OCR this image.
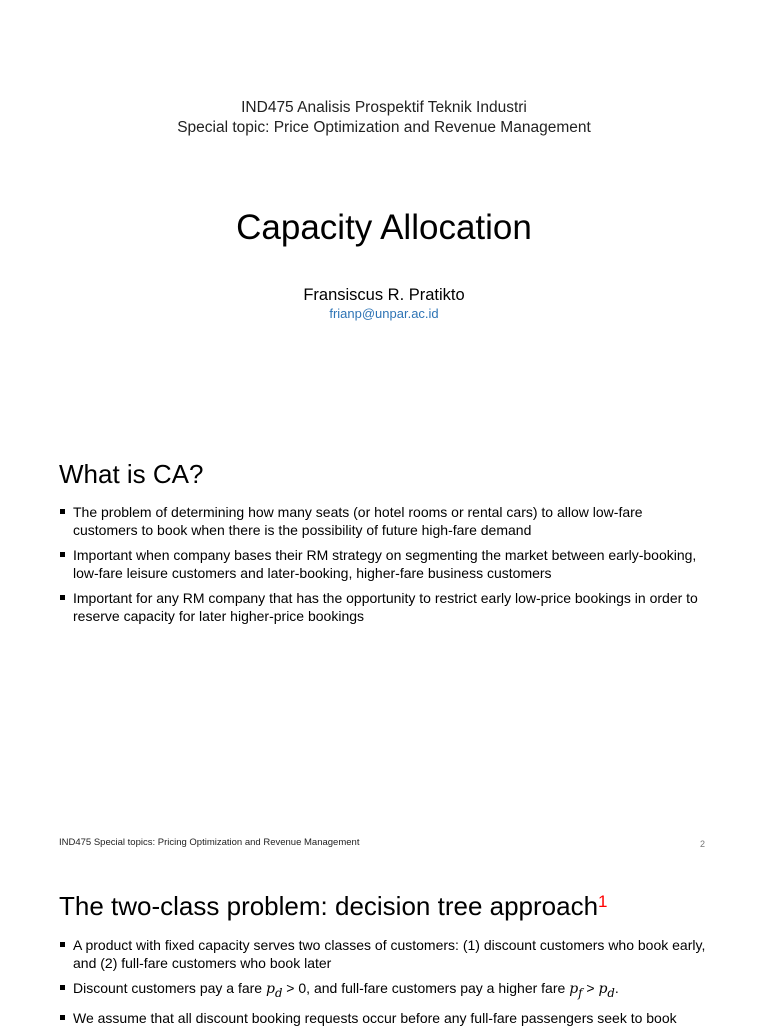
IND475 Analisis Prospektif Teknik Industri
Special topic: Price Optimization and Revenue Management
Capacity Allocation
Fransiscus R. Pratikto
frianp@unpar.ac.id
What is CA?
The problem of determining how many seats (or hotel rooms or rental cars) to allow low-fare customers to book when there is the possibility of future high-fare demand
Important when company bases their RM strategy on segmenting the market between early-booking, low-fare leisure customers and later-booking, higher-fare business customers
Important for any RM company that has the opportunity to restrict early low-price bookings in order to reserve capacity for later higher-price bookings
IND475 Special topics: Pricing Optimization and Revenue Management	2
The two-class problem: decision tree approach$^1$
A product with fixed capacity serves two classes of customers: (1) discount customers who book early, and (2) full-fare customers who book later
Discount customers pay a fare $p_d > 0$, and full-fare customers pay a higher fare $p_f > p_d$.
We assume that all discount booking requests occur before any full-fare passengers seek to book
